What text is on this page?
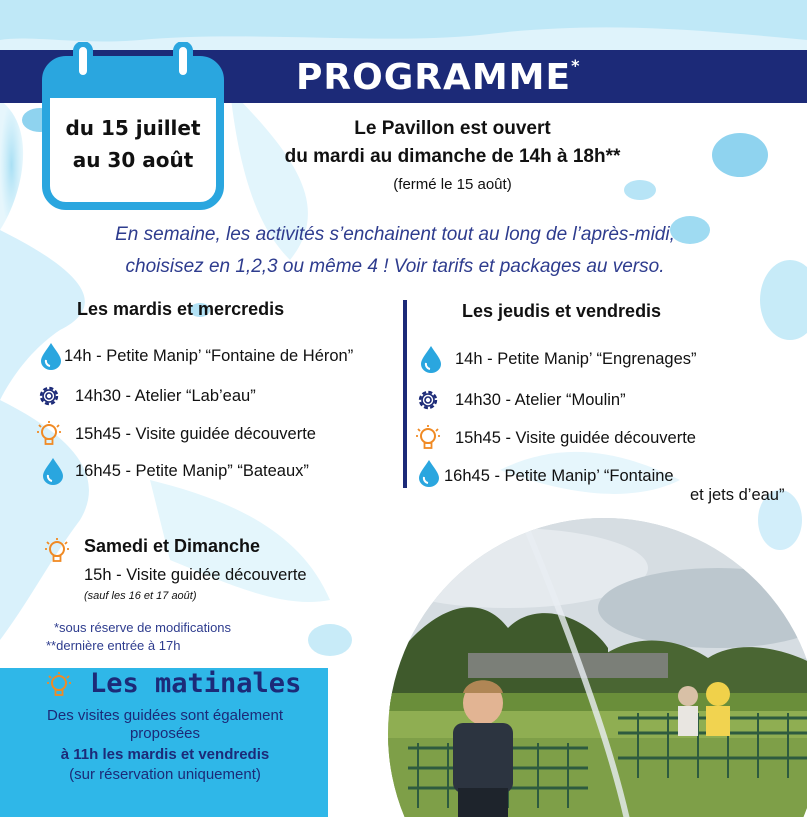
PROGRAMME*
du 15 juillet
au 30 août
Le Pavillon est ouvert
du mardi au dimanche de 14h à 18h**
(fermé le 15 août)
En semaine, les activités s’enchainent tout au long de l’après-midi,
choisisez en 1,2,3 ou même 4 ! Voir tarifs et packages au verso.
Les mardis et mercredis	Les jeudis et vendredis
14h - Petite Manip’ “Fontaine de Héron”
14h30 - Atelier “Lab’eau”
15h45 - Visite guidée découverte
16h45 - Petite Manip” “Bateaux”
14h - Petite Manip’ “Engrenages”
14h30 - Atelier “Moulin”
15h45 - Visite guidée découverte
16h45 - Petite Manip’ “Fontaine
et jets d’eau”
Samedi et Dimanche
15h - Visite guidée découverte
(sauf les 16 et 17 août)
*sous réserve de modifications
**dernière entrée à 17h
Les matinales
Des visites guidées sont également
proposées
à 11h les mardis et vendredis
(sur réservation uniquement)
